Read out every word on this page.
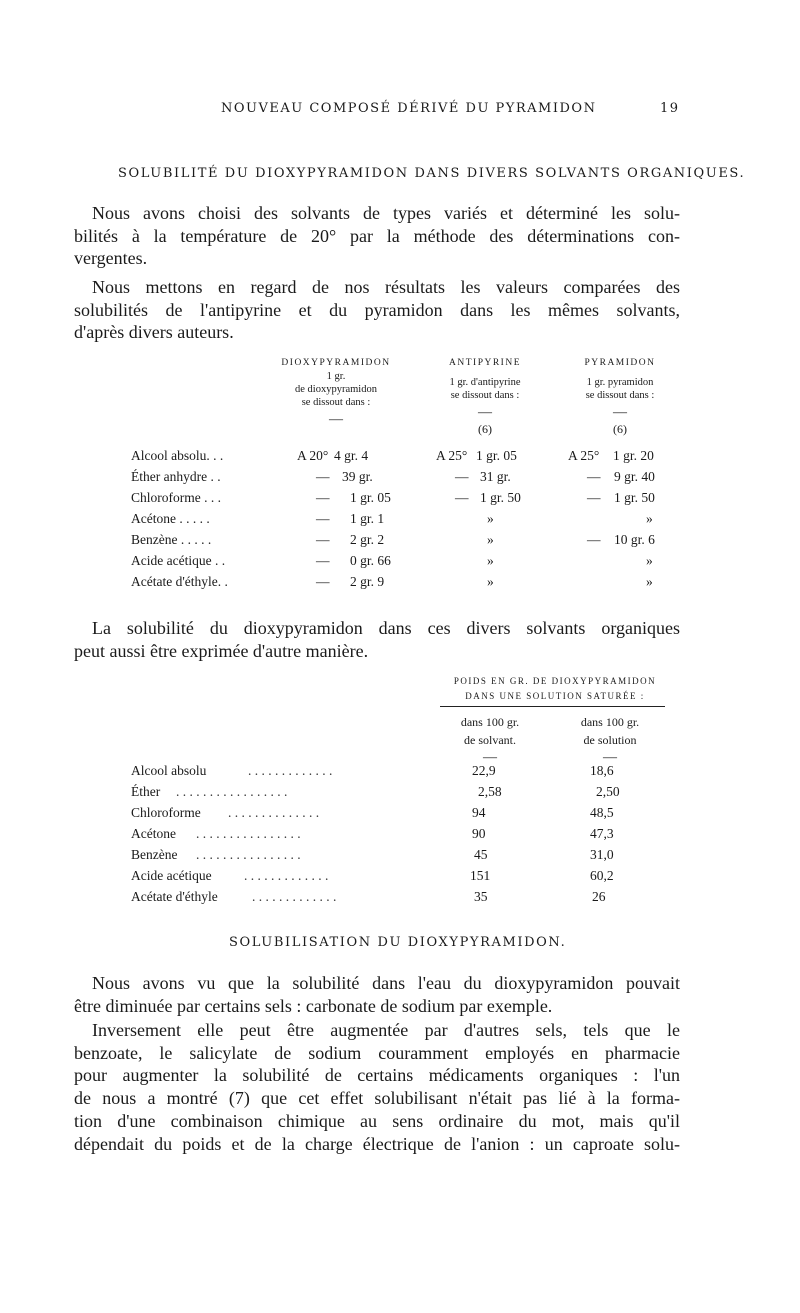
NOUVEAU COMPOSÉ DÉRIVÉ DU PYRAMIDON	19
SOLUBILITÉ DU DIOXYPYRAMIDON DANS DIVERS SOLVANTS ORGANIQUES.
Nous avons choisi des solvants de types variés et déterminé les solu-
bilités à la température de 20° par la méthode des déterminations con-
vergentes.
Nous mettons en regard de nos résultats les valeurs comparées des
solubilités de l'antipyrine et du pyramidon dans les mêmes solvants,
d'après divers auteurs.
DIOXYPYRAMIDON
1 gr.
de dioxypyramidon
se dissout dans :
—
ANTIPYRINE
1 gr. d'antipyrine
se dissout dans :
—
(6)
PYRAMIDON
1 gr. pyramidon
se dissout dans :
—
(6)
Alcool absolu. . .	A 20° 4 gr. 4	A 25° 1 gr. 05	A 25° 1 gr. 20
Éther anhydre . .	— 39 gr.	— 31 gr.	— 9 gr. 40
Chloroforme . . .	— 1 gr. 05	— 1 gr. 50	— 1 gr. 50
Acétone . . . . .	— 1 gr. 1	»	»
Benzène . . . . .	— 2 gr. 2	»	— 10 gr. 6
Acide acétique . .	— 0 gr. 66	»	»
Acétate d'éthyle. .	— 2 gr. 9	»	»
La solubilité du dioxypyramidon dans ces divers solvants organiques
peut aussi être exprimée d'autre manière.
POIDS EN GR. DE DIOXYPYRAMIDON
DANS UNE SOLUTION SATURÉE :
dans 100 gr.
de solvant.
—
dans 100 gr.
de solution
—
Alcool absolu	. . . . . . . . . . . . .	22,9	18,6
Éther . . . . . . . . . . . . . . . . .	2,58	2,50
Chloroforme . . . . . . . . . . . . . .	94	48,5
Acétone . . . . . . . . . . . . . . . .	90	47,3
Benzène . . . . . . . . . . . . . . . .	45	31,0
Acide acétique . . . . . . . . . . . . .	151	60,2
Acétate d'éthyle	. . . . . . . . . . . . .	35	26
SOLUBILISATION DU DIOXYPYRAMIDON.
Nous avons vu que la solubilité dans l'eau du dioxypyramidon pouvait
être diminuée par certains sels : carbonate de sodium par exemple.
Inversement elle peut être augmentée par d'autres sels, tels que le
benzoate, le salicylate de sodium couramment employés en pharmacie
pour augmenter la solubilité de certains médicaments organiques : l'un
de nous a montré (7) que cet effet solubilisant n'était pas lié à la forma-
tion d'une combinaison chimique au sens ordinaire du mot, mais qu'il
dépendait du poids et de la charge électrique de l'anion : un caproate solu-
